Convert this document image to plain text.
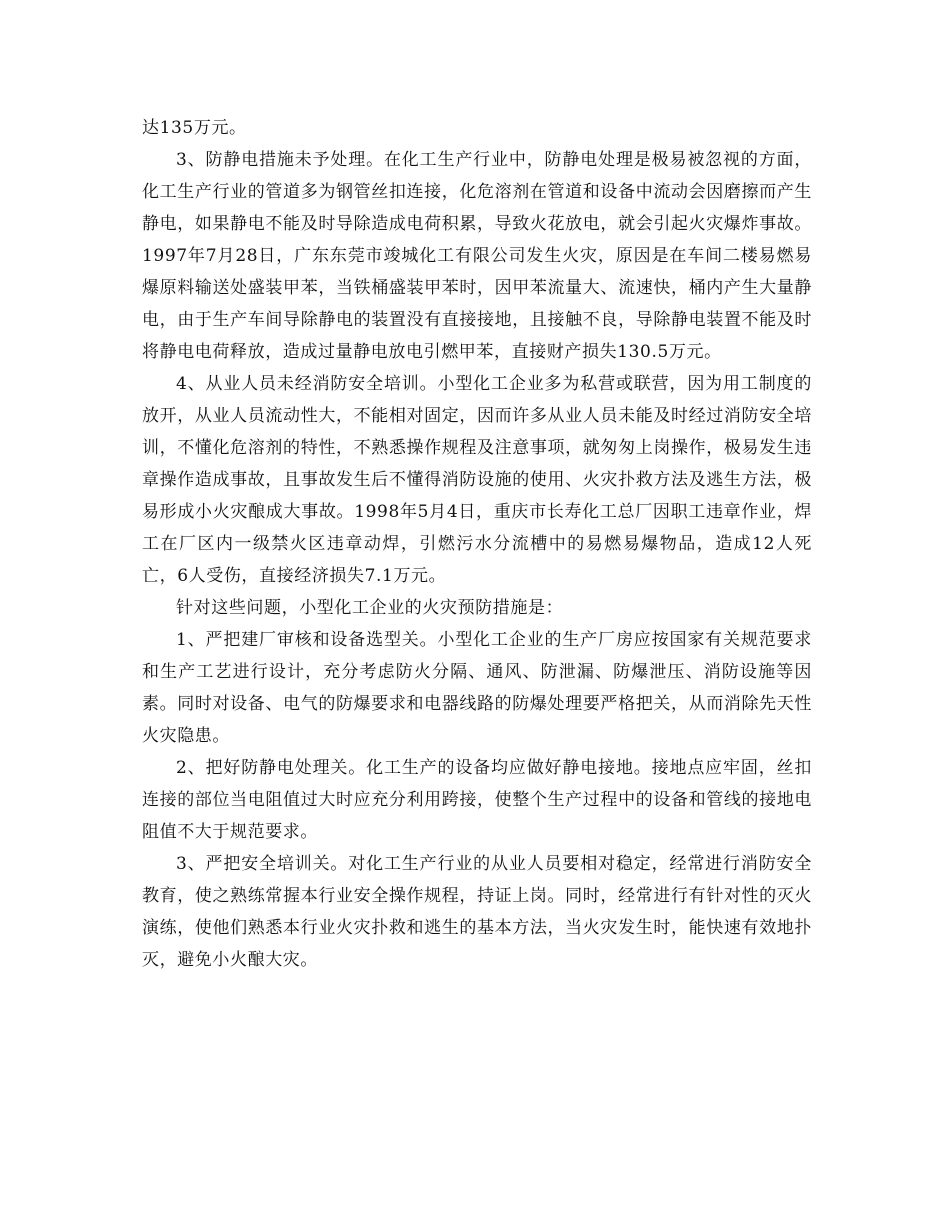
达135万元。

3、防静电措施未予处理。在化工生产行业中，防静电处理是极易被忽视的方面，化工生产行业的管道多为钢管丝扣连接，化危溶剂在管道和设备中流动会因磨擦而产生静电，如果静电不能及时导除造成电荷积累，导致火花放电，就会引起火灾爆炸事故。1997年7月28日，广东东莞市竣城化工有限公司发生火灾，原因是在车间二楼易燃易爆原料输送处盛装甲苯，当铁桶盛装甲苯时，因甲苯流量大、流速快，桶内产生大量静电，由于生产车间导除静电的装置没有直接接地，且接触不良，导除静电装置不能及时将静电电荷释放，造成过量静电放电引燃甲苯，直接财产损失130.5万元。

4、从业人员未经消防安全培训。小型化工企业多为私营或联营，因为用工制度的放开，从业人员流动性大，不能相对固定，因而许多从业人员未能及时经过消防安全培训，不懂化危溶剂的特性，不熟悉操作规程及注意事项，就匆匆上岗操作，极易发生违章操作造成事故，且事故发生后不懂得消防设施的使用、火灾扑救方法及逃生方法，极易形成小火灾酿成大事故。1998年5月4日，重庆市长寿化工总厂因职工违章作业，焊工在厂区内一级禁火区违章动焊，引燃污水分流槽中的易燃易爆物品，造成12人死亡，6人受伤，直接经济损失7.1万元。

针对这些问题，小型化工企业的火灾预防措施是：

1、严把建厂审核和设备选型关。小型化工企业的生产厂房应按国家有关规范要求和生产工艺进行设计，充分考虑防火分隔、通风、防泄漏、防爆泄压、消防设施等因素。同时对设备、电气的防爆要求和电器线路的防爆处理要严格把关，从而消除先天性火灾隐患。

2、把好防静电处理关。化工生产的设备均应做好静电接地。接地点应牢固，丝扣连接的部位当电阻值过大时应充分利用跨接，使整个生产过程中的设备和管线的接地电阻值不大于规范要求。

3、严把安全培训关。对化工生产行业的从业人员要相对稳定，经常进行消防安全教育，使之熟练常握本行业安全操作规程，持证上岗。同时，经常进行有针对性的灭火演练，使他们熟悉本行业火灾扑救和逃生的基本方法，当火灾发生时，能快速有效地扑灭，避免小火酿大灾。
